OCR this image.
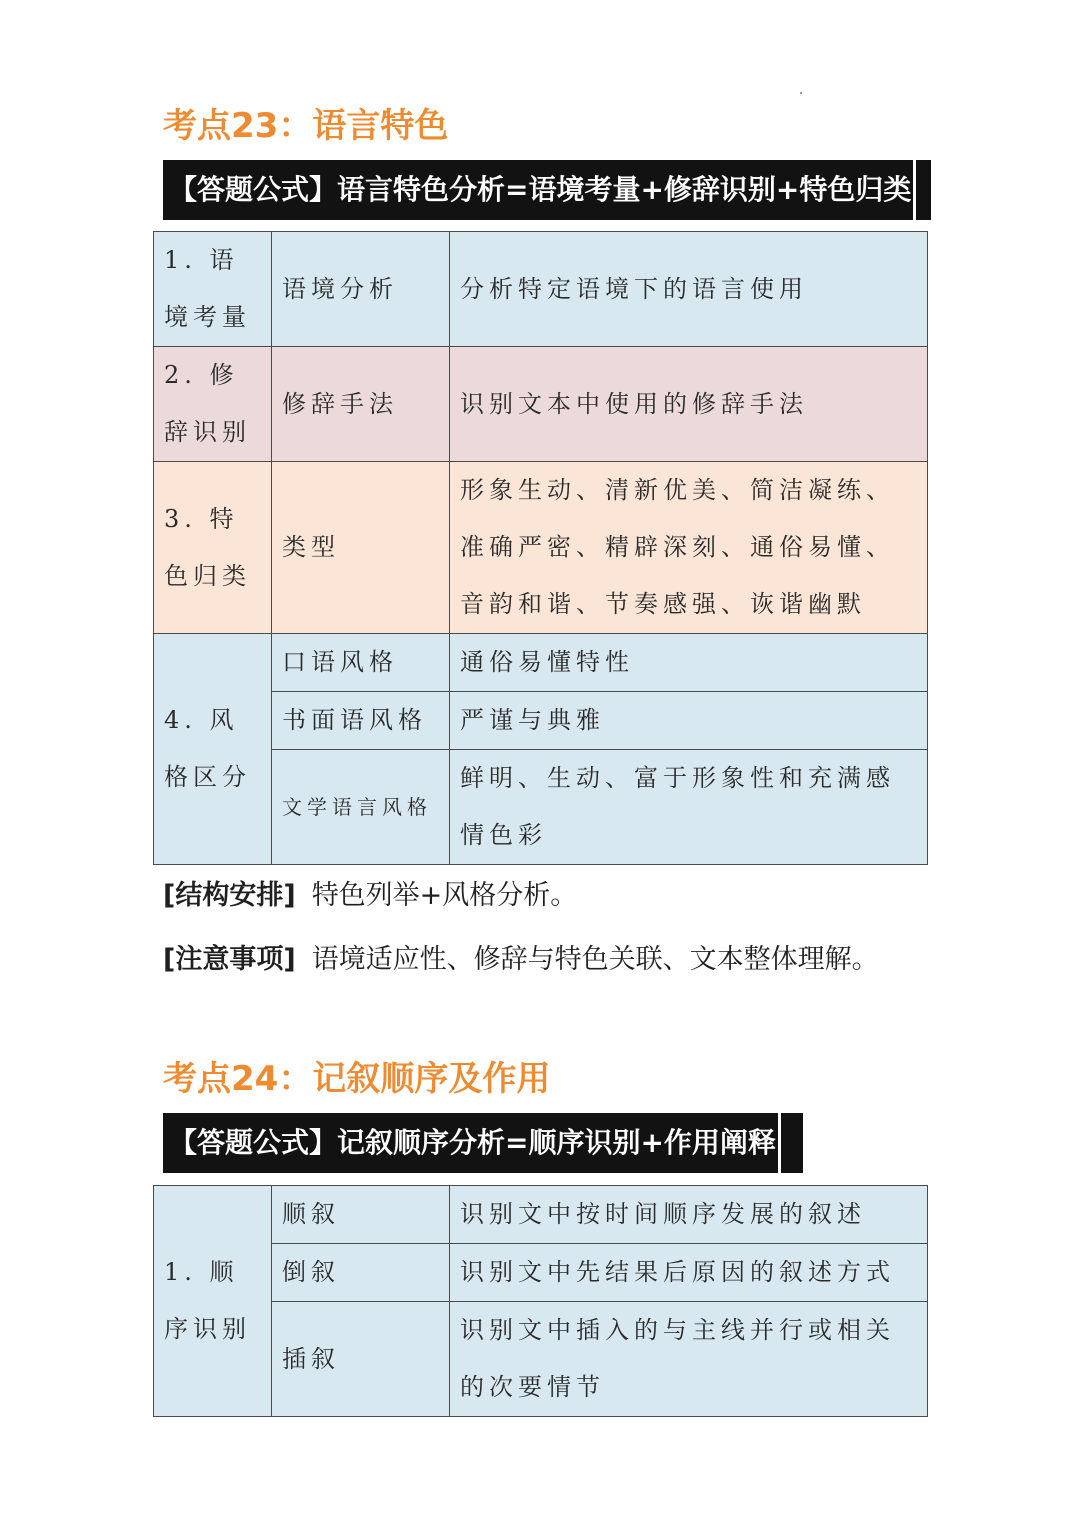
考点23：语言特色
【答题公式】语言特色分析=语境考量+修辞识别+特色归类
1. 语境考量	语境分析	分析特定语境下的语言使用
2. 修辞识别	修辞手法	识别文本中使用的修辞手法
3. 特色归类	类型	形象生动、清新优美、简洁凝练、准确严密、精辟深刻、通俗易懂、音韵和谐、节奏感强、诙谐幽默
4. 风格区分	口语风格	通俗易懂特性
	书面语风格	严谨与典雅
	文学语言风格	鲜明、生动、富于形象性和充满感情色彩
[结构安排] 特色列举+风格分析。
[注意事项] 语境适应性、修辞与特色关联、文本整体理解。
考点24：记叙顺序及作用
【答题公式】记叙顺序分析=顺序识别+作用阐释
1. 顺序识别	顺叙	识别文中按时间顺序发展的叙述
	倒叙	识别文中先结果后原因的叙述方式
	插叙	识别文中插入的与主线并行或相关的次要情节
